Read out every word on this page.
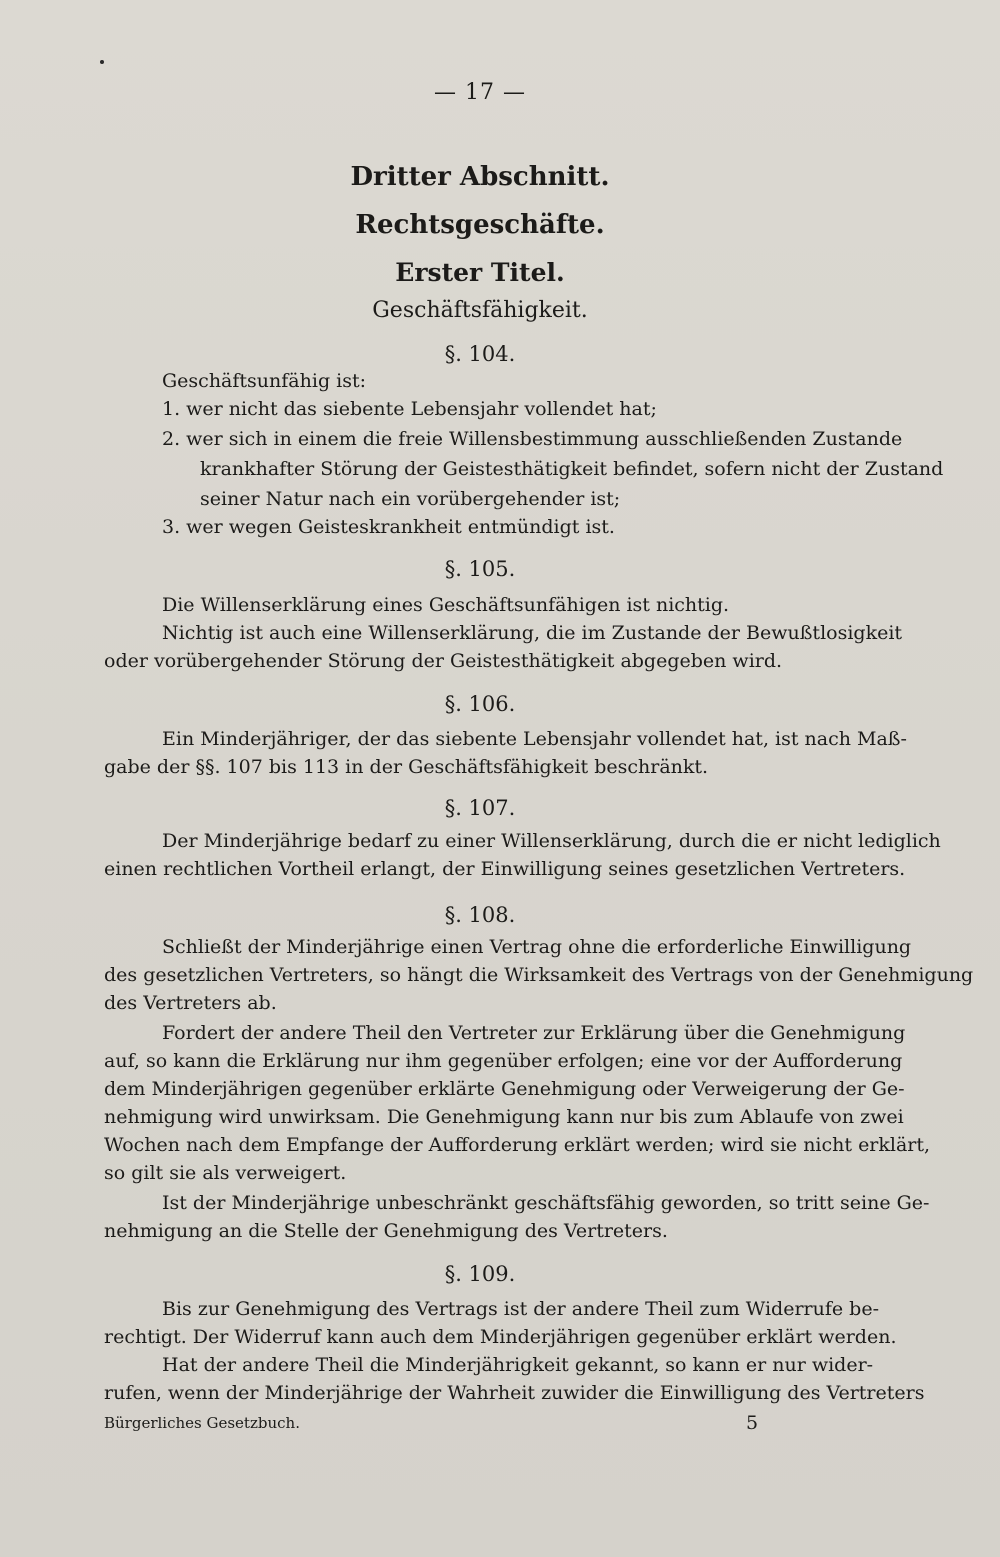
— 17 —
Dritter Abschnitt.
Rechtsgeschäfte.
Erster Titel.
Geschäftsfähigkeit.
§. 104.
Geschäftsunfähig ist:
1. wer nicht das siebente Lebensjahr vollendet hat;
2. wer sich in einem die freie Willensbestimmung ausschließenden Zustande
krankhafter Störung der Geistesthätigkeit befindet, sofern nicht der Zustand
seiner Natur nach ein vorübergehender ist;
3. wer wegen Geisteskrankheit entmündigt ist.
§. 105.
Die Willenserklärung eines Geschäftsunfähigen ist nichtig.
Nichtig ist auch eine Willenserklärung, die im Zustande der Bewußtlosigkeit
oder vorübergehender Störung der Geistesthätigkeit abgegeben wird.
§. 106.
Ein Minderjähriger, der das siebente Lebensjahr vollendet hat, ist nach Maß-
gabe der §§. 107 bis 113 in der Geschäftsfähigkeit beschränkt.
§. 107.
Der Minderjährige bedarf zu einer Willenserklärung, durch die er nicht lediglich
einen rechtlichen Vortheil erlangt, der Einwilligung seines gesetzlichen Vertreters.
§. 108.
Schließt der Minderjährige einen Vertrag ohne die erforderliche Einwilligung
des gesetzlichen Vertreters, so hängt die Wirksamkeit des Vertrags von der Genehmigung
des Vertreters ab.
Fordert der andere Theil den Vertreter zur Erklärung über die Genehmigung
auf, so kann die Erklärung nur ihm gegenüber erfolgen; eine vor der Aufforderung
dem Minderjährigen gegenüber erklärte Genehmigung oder Verweigerung der Ge-
nehmigung wird unwirksam. Die Genehmigung kann nur bis zum Ablaufe von zwei
Wochen nach dem Empfange der Aufforderung erklärt werden; wird sie nicht erklärt,
so gilt sie als verweigert.
Ist der Minderjährige unbeschränkt geschäftsfähig geworden, so tritt seine Ge-
nehmigung an die Stelle der Genehmigung des Vertreters.
§. 109.
Bis zur Genehmigung des Vertrags ist der andere Theil zum Widerrufe be-
rechtigt. Der Widerruf kann auch dem Minderjährigen gegenüber erklärt werden.
Hat der andere Theil die Minderjährigkeit gekannt, so kann er nur wider-
rufen, wenn der Minderjährige der Wahrheit zuwider die Einwilligung des Vertreters
Bürgerliches Gesetzbuch.	5
